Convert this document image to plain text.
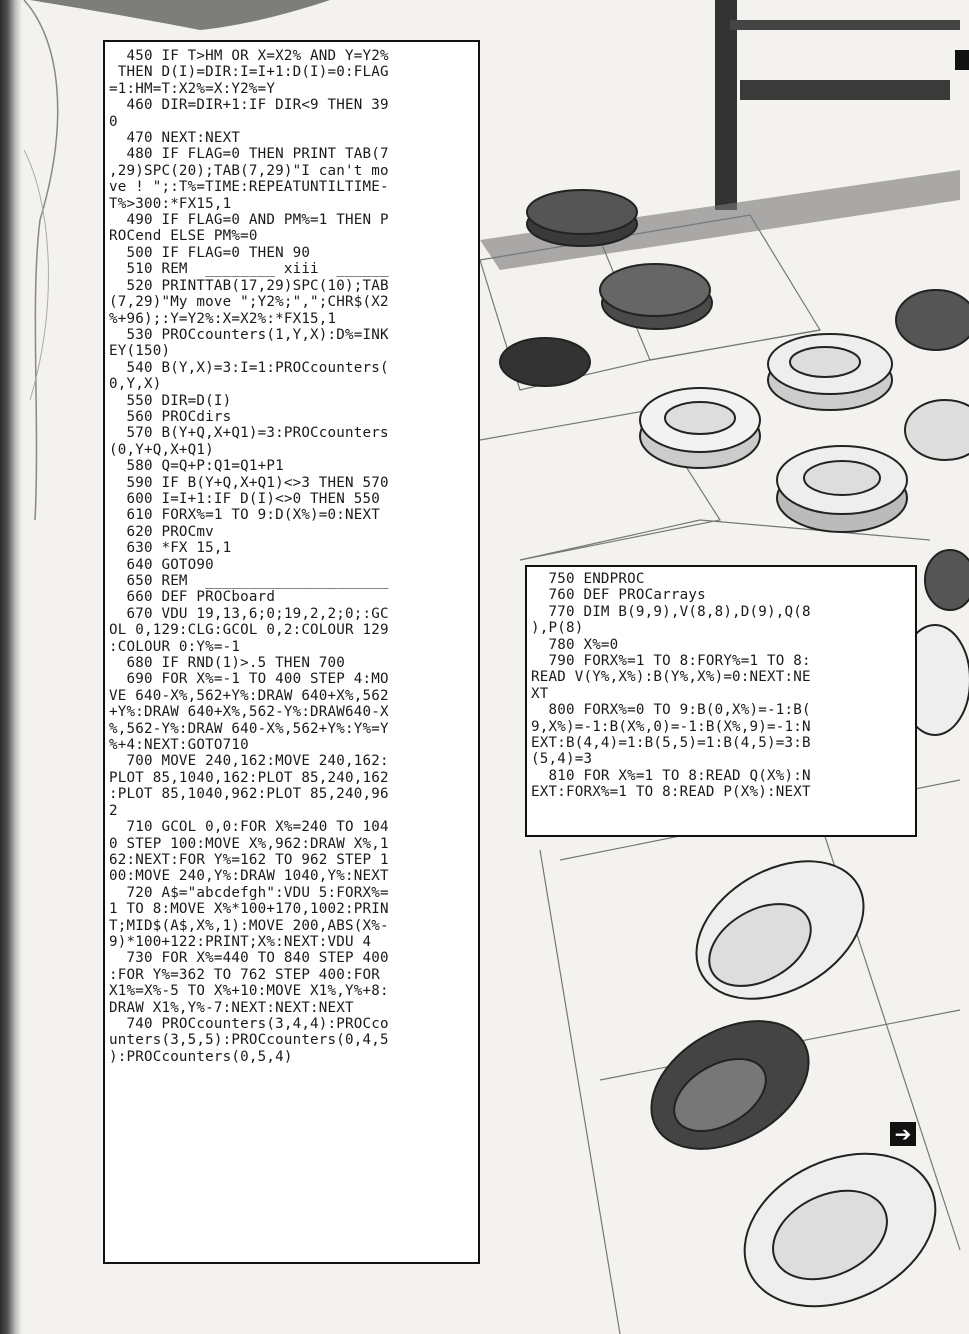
450 IF T>HM OR X=X2% AND Y=Y2%
THEN D(I)=DIR:I=I+1:D(I)=0:FLAG
=1:HM=T:X2%=X:Y2%=Y
460 DIR=DIR+1:IF DIR<9 THEN 39
0
470 NEXT:NEXT
480 IF FLAG=0 THEN PRINT TAB(7
,29)SPC(20);TAB(7,29)"I can't mo
ve ! ";:T%=TIME:REPEATUNTILTIME-
T%>300:*FX15,1
490 IF FLAG=0 AND PM%=1 THEN P
ROCend ELSE PM%=0
500 IF FLAG=0 THEN 90
510 REM  ________ xiii  ______
520 PRINTTAB(17,29)SPC(10);TAB
(7,29)"My move ";Y2%;",";CHR$(X2
%+96);:Y=Y2%:X=X2%:*FX15,1
530 PROCcounters(1,Y,X):D%=INK
EY(150)
540 B(Y,X)=3:I=1:PROCcounters(
0,Y,X)
550 DIR=D(I)
560 PROCdirs
570 B(Y+Q,X+Q1)=3:PROCcounters
(0,Y+Q,X+Q1)
580 Q=Q+P:Q1=Q1+P1
590 IF B(Y+Q,X+Q1)<>3 THEN 570
600 I=I+1:IF D(I)<>0 THEN 550
610 FORX%=1 TO 9:D(X%)=0:NEXT
620 PROCmv
630 *FX 15,1
640 GOTO90
650 REM  _____________________
660 DEF PROCboard
670 VDU 19,13,6;0;19,2,2;0;:GC
OL 0,129:CLG:GCOL 0,2:COLOUR 129
:COLOUR 0:Y%=-1
680 IF RND(1)>.5 THEN 700
690 FOR X%=-1 TO 400 STEP 4:MO
VE 640-X%,562+Y%:DRAW 640+X%,562
+Y%:DRAW 640+X%,562-Y%:DRAW640-X
%,562-Y%:DRAW 640-X%,562+Y%:Y%=Y
%+4:NEXT:GOTO710
700 MOVE 240,162:MOVE 240,162:
PLOT 85,1040,162:PLOT 85,240,162
:PLOT 85,1040,962:PLOT 85,240,96
2
710 GCOL 0,0:FOR X%=240 TO 104
0 STEP 100:MOVE X%,962:DRAW X%,1
62:NEXT:FOR Y%=162 TO 962 STEP 1
00:MOVE 240,Y%:DRAW 1040,Y%:NEXT
720 A$="abcdefgh":VDU 5:FORX%=
1 TO 8:MOVE X%*100+170,1002:PRIN
T;MID$(A$,X%,1):MOVE 200,ABS(X%-
9)*100+122:PRINT;X%:NEXT:VDU 4
730 FOR X%=440 TO 840 STEP 400
:FOR Y%=362 TO 762 STEP 400:FOR
X1%=X%-5 TO X%+10:MOVE X1%,Y%+8:
DRAW X1%,Y%-7:NEXT:NEXT:NEXT
740 PROCcounters(3,4,4):PROCco
unters(3,5,5):PROCcounters(0,4,5
):PROCcounters(0,5,4)
750 ENDPROC
760 DEF PROCarrays
770 DIM B(9,9),V(8,8),D(9),Q(8
),P(8)
780 X%=0
790 FORX%=1 TO 8:FORY%=1 TO 8:
READ V(Y%,X%):B(Y%,X%)=0:NEXT:NE
XT
800 FORX%=0 TO 9:B(0,X%)=-1:B(
9,X%)=-1:B(X%,0)=-1:B(X%,9)=-1:N
EXT:B(4,4)=1:B(5,5)=1:B(4,5)=3:B
(5,4)=3
810 FOR X%=1 TO 8:READ Q(X%):N
EXT:FORX%=1 TO 8:READ P(X%):NEXT
➔
